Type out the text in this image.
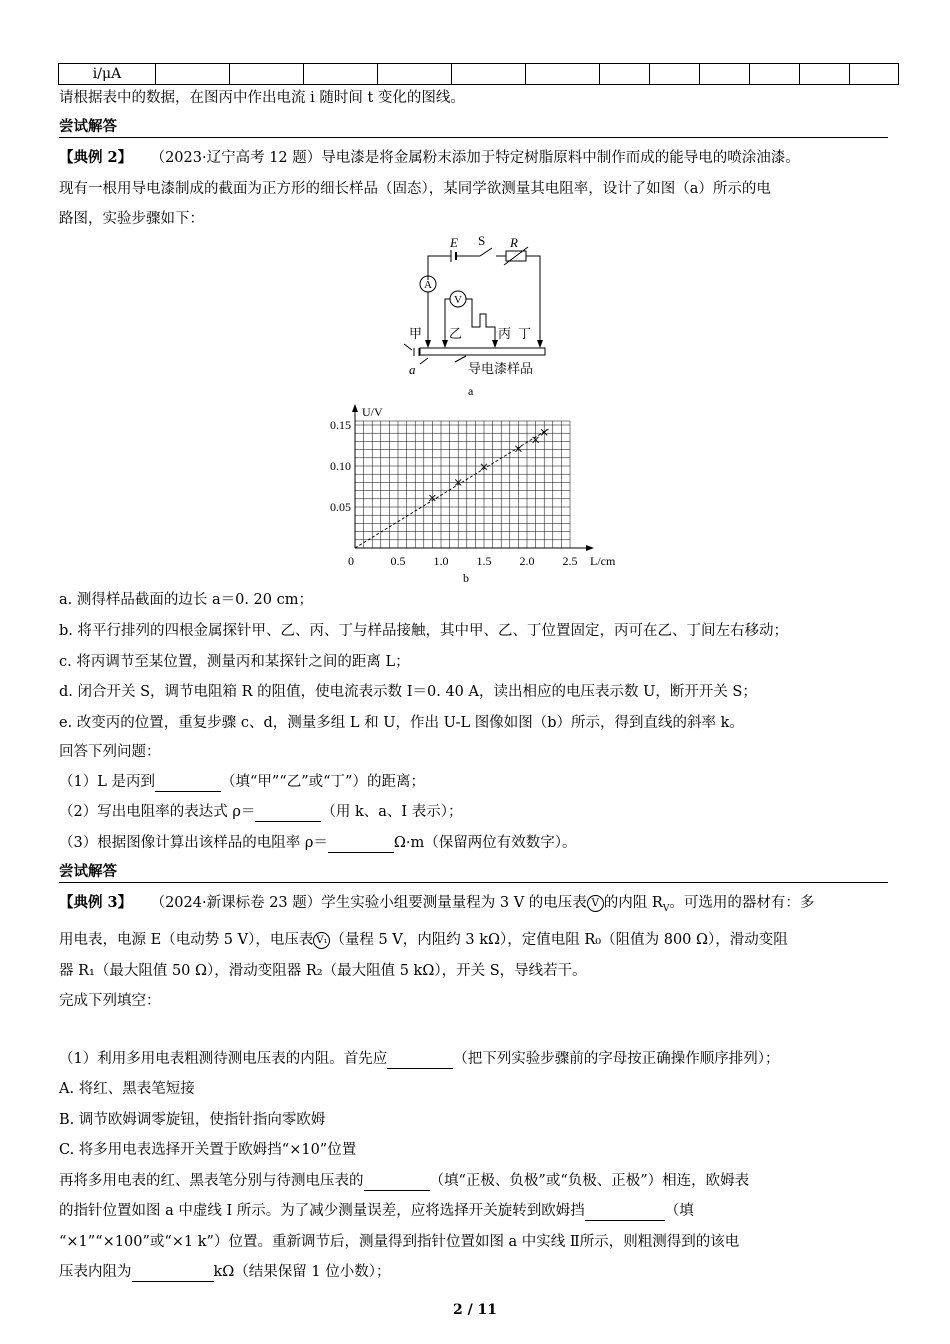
i/μA												
请根据表中的数据，在图丙中作出电流 i 随时间 t 变化的图线。
尝试解答
【典例 2】 （2023·辽宁高考 12 题）导电漆是将金属粉末添加于特定树脂原料中制作而成的能导电的喷涂油漆。
现有一根用导电漆制成的截面为正方形的细长样品（固态），某同学欲测量其电阻率，设计了如图（a）所示的电
路图，实验步骤如下：
E S R
A
V
甲 乙	丙 丁
a	导电漆样品
a
0	0.5 1.0 1.5 2.0 2.5
0.05
0.10
0.15
L/cm
U/V
b
a. 测得样品截面的边长 a＝0. 20 cm；
b. 将平行排列的四根金属探针甲、乙、丙、丁与样品接触，其中甲、乙、丁位置固定，丙可在乙、丁间左右移动；
c. 将丙调节至某位置，测量丙和某探针之间的距离 L；
d. 闭合开关 S，调节电阻箱 R 的阻值，使电流表示数 I＝0. 40 A，读出相应的电压表示数 U，断开开关 S；
e. 改变丙的位置，重复步骤 c、d，测量多组 L 和 U，作出 U-L 图像如图（b）所示，得到直线的斜率 k。
回答下列问题：
（1）L 是丙到	（填“甲”“乙”或“丁”）的距离；
（2）写出电阻率的表达式 ρ＝	（用 k、a、I 表示）；
（3）根据图像计算出该样品的电阻率 ρ＝	Ω·m（保留两位有效数字）。
尝试解答
【典例 3】 （2024·新课标卷 23 题）学生实验小组要测量量程为 3 V 的电压表 V 的内阻 $R_V$。可选用的器材有：多
用电表，电源 E（电动势 5 V），电压表 V₁ （量程 5 V，内阻约 3 kΩ），定值电阻 R₀（阻值为 800 Ω），滑动变阻
器 R₁（最大阻值 50 Ω），滑动变阻器 R₂（最大阻值 5 kΩ），开关 S，导线若干。
完成下列填空：
（1）利用多用电表粗测待测电压表的内阻。首先应	（把下列实验步骤前的字母按正确操作顺序排列）；
A. 将红、黑表笔短接
B. 调节欧姆调零旋钮，使指针指向零欧姆
C. 将多用电表选择开关置于欧姆挡“×10”位置
再将多用电表的红、黑表笔分别与待测电压表的	（填“正极、负极”或“负极、正极”）相连，欧姆表
的指针位置如图 a 中虚线 Ⅰ 所示。为了减少测量误差，应将选择开关旋转到欧姆挡	（填
“×1”“×100”或“×1 k”）位置。重新调节后，测量得到指针位置如图 a 中实线 Ⅱ所示，则粗测得到的该电
压表内阻为	kΩ（结果保留 1 位小数）；
2 / 11
